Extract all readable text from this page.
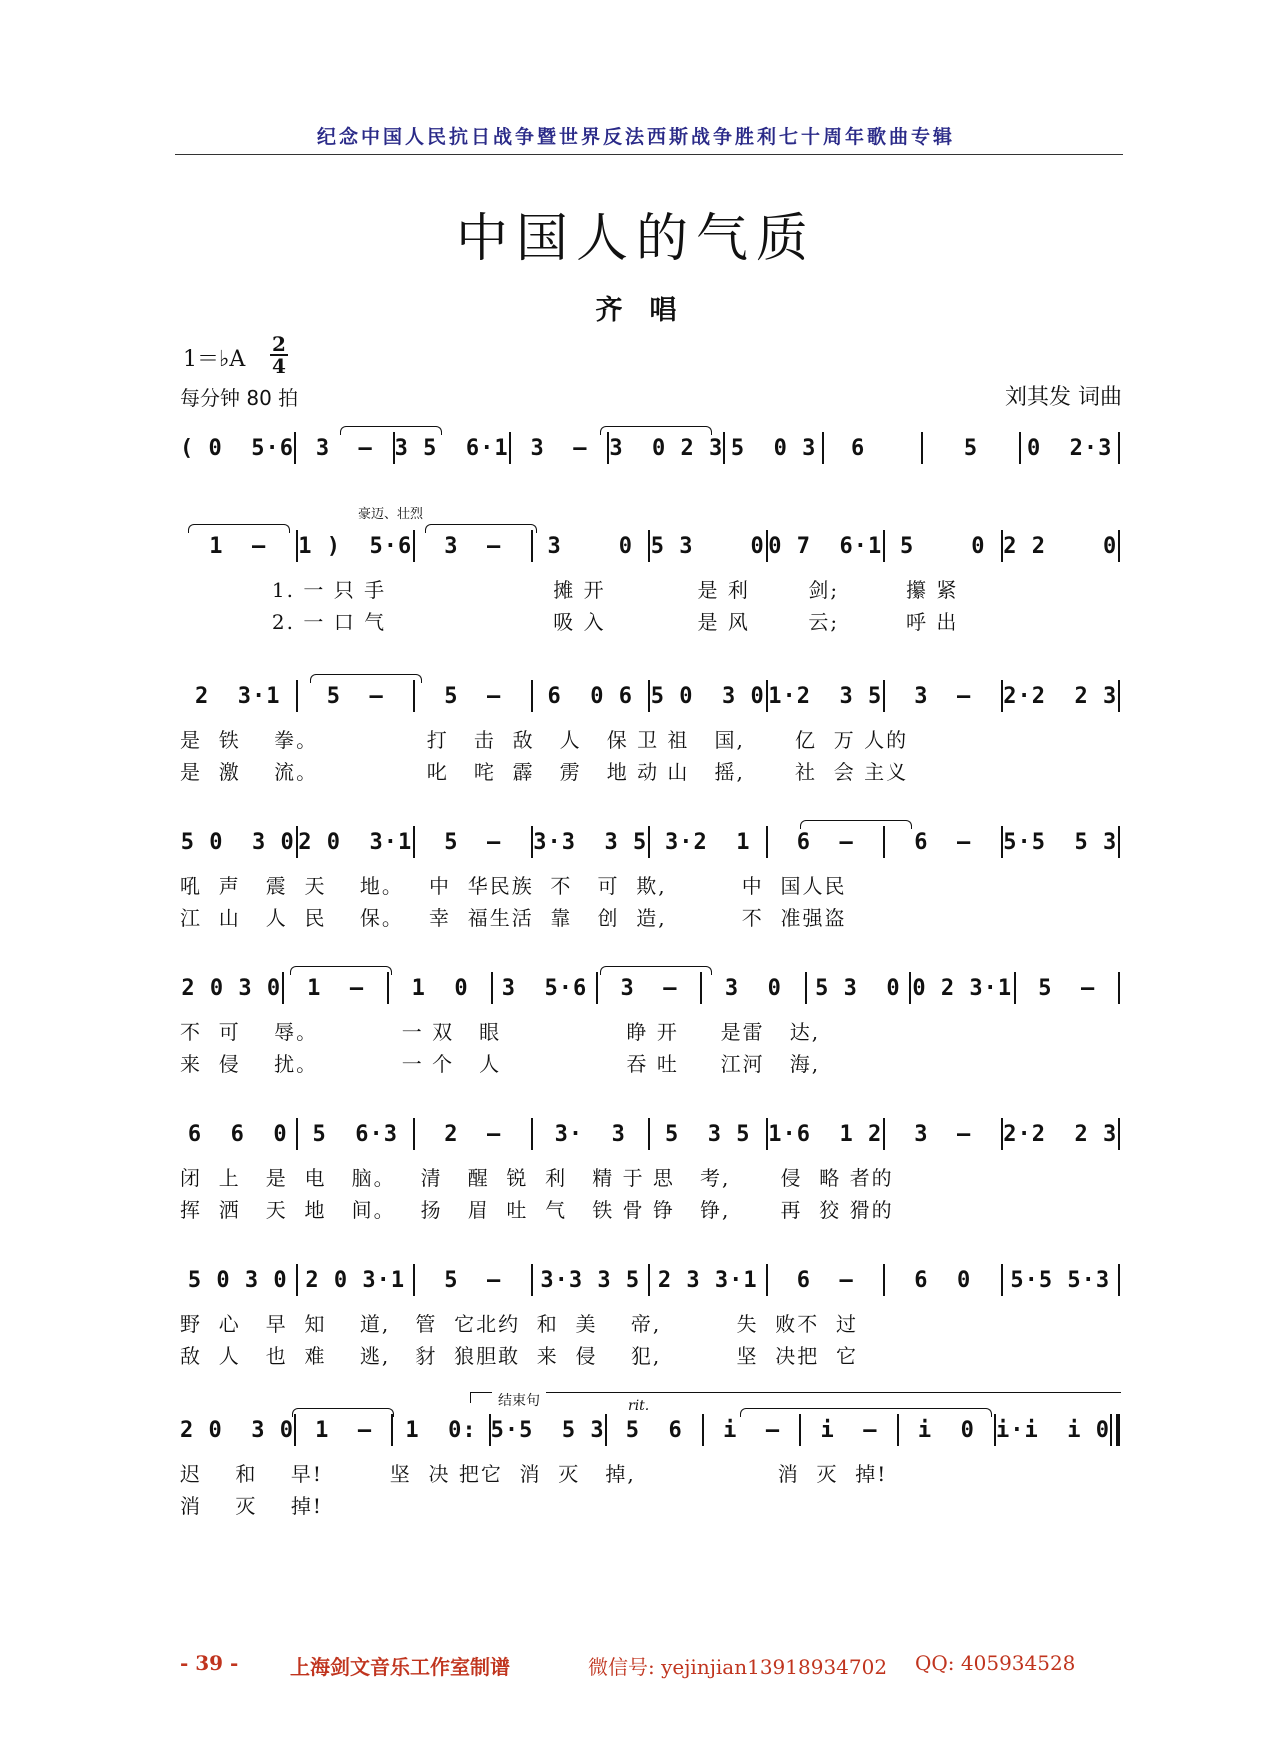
纪念中国人民抗日战争暨世界反法西斯战争胜利七十周年歌曲专辑
中国人的气质
齐　唱
1＝♭A $\frac{2}{4}$
每分钟 80 拍	刘其发 词曲
豪迈、壮烈
( 0  5·6 3  – 3 5  6·1 3  – 3  0 2 3 5  0 3	6	5	0  2·3
1  –	1 )  5·6	3  –	3    0 5 3    0 0 7  6·1 5    0 2 2    0
1. 一 只 手                    摊 开           是 利       剑;        攥 紧
2. 一 口 气                    吸 入           是 风       云;        呼 出
2  3·1	5  –	5  –	6  0 6 5 0  3 0 1·2  3 5	3  –	2·2  2 3
是  铁    拳。             打   击  敌   人   保 卫 祖   国,      亿  万 人的
是  激    流。             叱   咤  霹   雳   地 动 山   摇,      社  会 主义
5 0  3 0 2 0  3·1	5  –	3·3  3 5 3·2  1	6  –	6  –	5·5  5 3
吼  声   震  天    地。   中  华民族  不   可  欺,         中  国人民
江  山   人  民    保。   幸  福生活  靠   创  造,         不  准强盗
2 0 3 0	1  –	1  0	3  5·6	3  –	3  0	5 3  0 0 2 3·1	5  –
不  可    辱。          一 双   眼               睁 开     是雷   达,
来  侵    扰。          一 个   人               吞 吐     江河   海,
6  6  0	5  6·3	2  –	3·  3	5  3 5 1·6  1 2	3  –	2·2  2 3
闭  上   是  电   脑。   清   醒  锐  利   精 于 思   考,      侵  略 者的
挥  洒   天  地   间。   扬   眉  吐  气   铁 骨 铮   铮,      再  狡 猾的
5 0 3 0 2 0 3·1	5  –	3·3 3 5 2 3 3·1	6  –	6  0	5·5 5·3
野  心   早  知    道,   管  它北约  和  美    帝,         失  败不  过
敌  人   也  难    逃,   豺  狼胆敢  来  侵    犯,         坚  决把  它
结束句	rit.
2 0  3 0 1  –	1  0: 5·5  5 3 5  6	i  –	i  –	i  0 i·i  i 0
迟    和    早!        坚  决 把它  消  灭   掉,                 消  灭  掉!
消    灭    掉!
- 39 -	上海剑文音乐工作室制谱	微信号: yejinjian13918934702 QQ: 405934528
